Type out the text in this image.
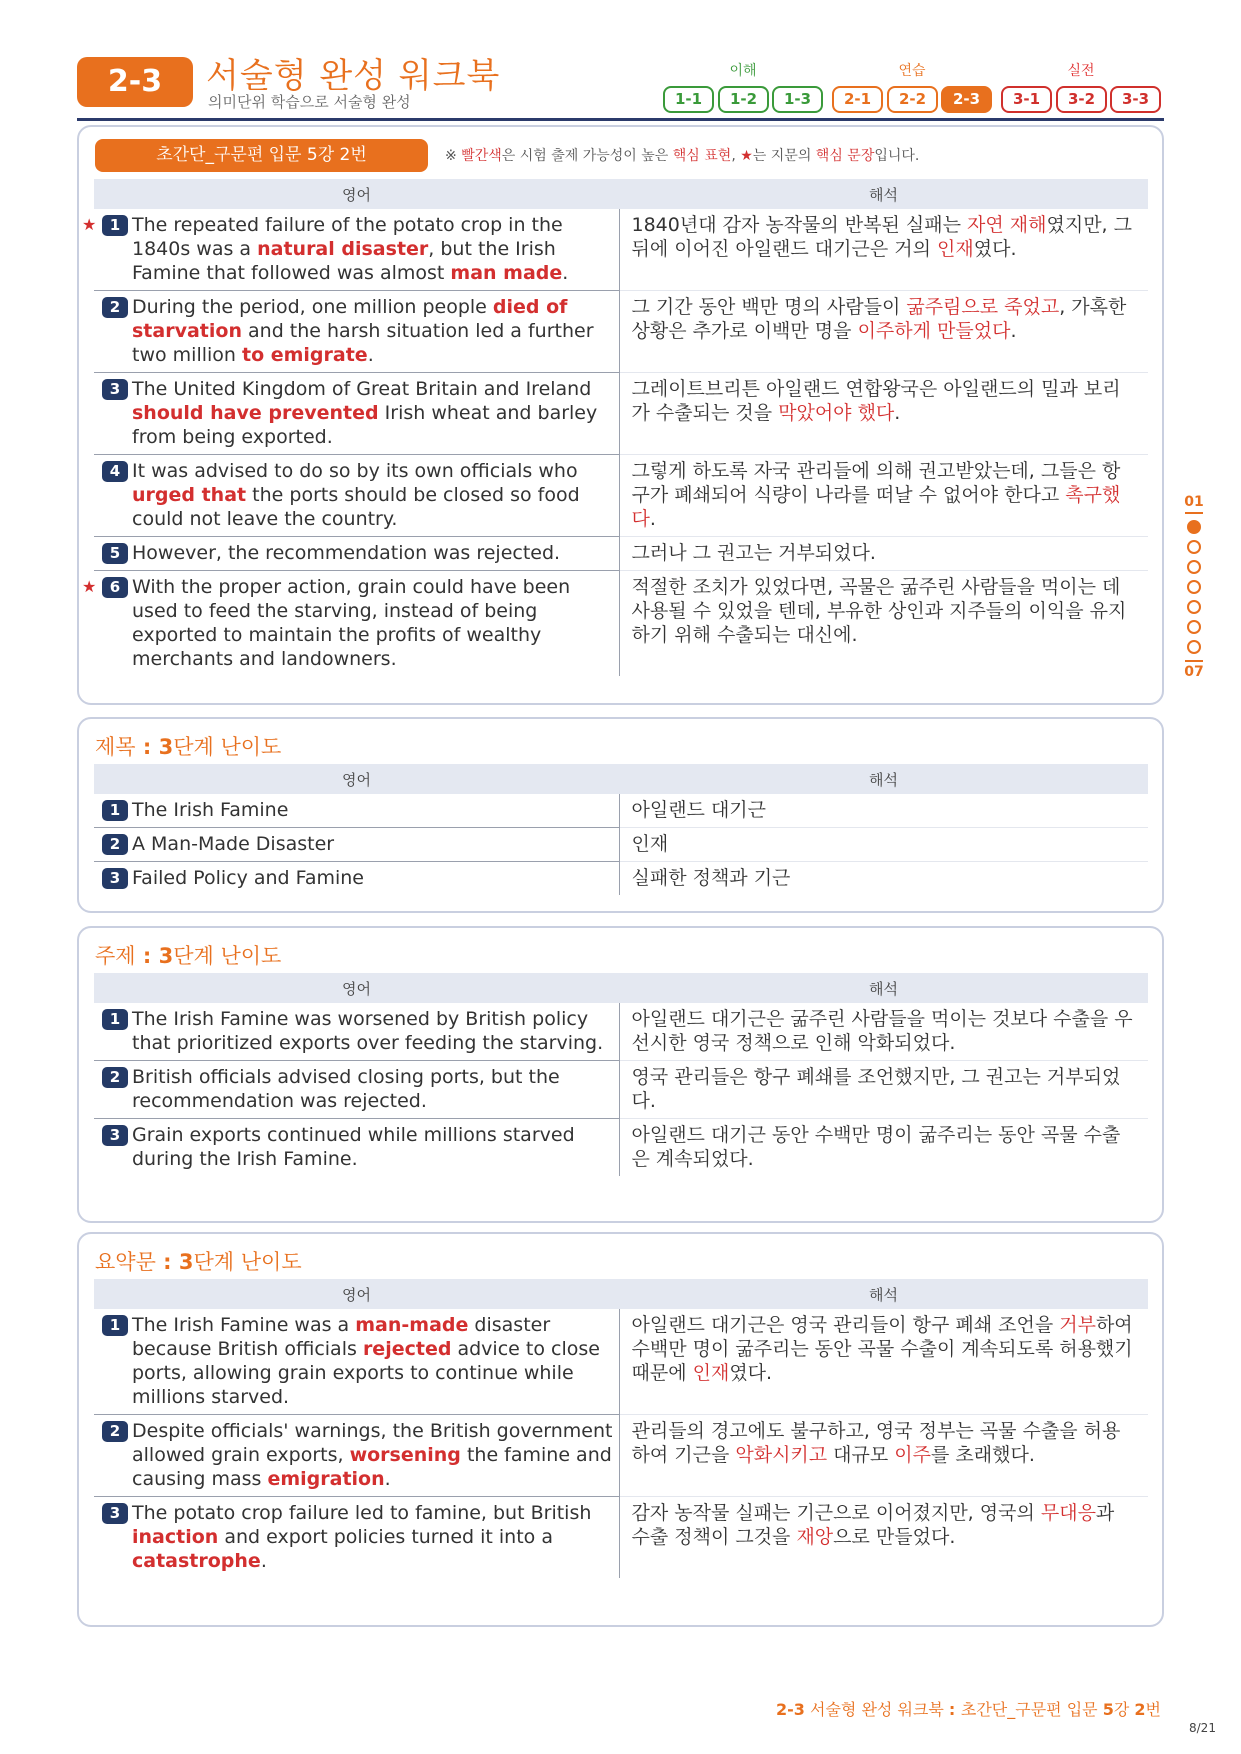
2-3	서술형 완성 워크북
의미단위 학습으로 서술형 완성
이해	연습	실전
1-1	1-2	1-3	2-1	2-2	2-3	3-1	3-2	3-3
초간단_구문편 입문 5강 2번	※ 빨간색은 시험 출제 가능성이 높은 핵심 표현, ★는 지문의 핵심 문장입니다.
영어	해석

★ 1 The repeated failure of the potato crop in the 1840s was a natural disaster, but the Irish Famine that followed was almost man made.	1840년대 감자 농작물의 반복된 실패는 자연 재해였지만, 그 뒤에 이어진 아일랜드 대기근은 거의 인재였다.

2 During the period, one million people died of starvation and the harsh situation led a further two million to emigrate.	그 기간 동안 백만 명의 사람들이 굶주림으로 죽었고, 가혹한 상황은 추가로 이백만 명을 이주하게 만들었다.

3 The United Kingdom of Great Britain and Ireland should have prevented Irish wheat and barley from being exported.	그레이트브리튼 아일랜드 연합왕국은 아일랜드의 밀과 보리가 수출되는 것을 막았어야 했다.

4 It was advised to do so by its own officials who urged that the ports should be closed so food could not leave the country.	그렇게 하도록 자국 관리들에 의해 권고받았는데, 그들은 항구가 폐쇄되어 식량이 나라를 떠날 수 없어야 한다고 촉구했다.

5 However, the recommendation was rejected.	그러나 그 권고는 거부되었다.

★ 6 With the proper action, grain could have been used to feed the starving, instead of being exported to maintain the profits of wealthy merchants and landowners.	적절한 조치가 있었다면, 곡물은 굶주린 사람들을 먹이는 데 사용될 수 있었을 텐데, 부유한 상인과 지주들의 이익을 유지하기 위해 수출되는 대신에.
제목 : 3단계 난이도
영어	해석

1 The Irish Famine	아일랜드 대기근

2 A Man-Made Disaster	인재

3 Failed Policy and Famine	실패한 정책과 기근
주제 : 3단계 난이도
영어	해석

1 The Irish Famine was worsened by British policy that prioritized exports over feeding the starving.	아일랜드 대기근은 굶주린 사람들을 먹이는 것보다 수출을 우선시한 영국 정책으로 인해 악화되었다.

2 British officials advised closing ports, but the recommendation was rejected.	영국 관리들은 항구 폐쇄를 조언했지만, 그 권고는 거부되었다.

3 Grain exports continued while millions starved during the Irish Famine.	아일랜드 대기근 동안 수백만 명이 굶주리는 동안 곡물 수출은 계속되었다.
요약문 : 3단계 난이도
영어	해석

1 The Irish Famine was a man-made disaster because British officials rejected advice to close ports, allowing grain exports to continue while millions starved.	아일랜드 대기근은 영국 관리들이 항구 폐쇄 조언을 거부하여 수백만 명이 굶주리는 동안 곡물 수출이 계속되도록 허용했기 때문에 인재였다.

2 Despite officials' warnings, the British government allowed grain exports, worsening the famine and causing mass emigration.	관리들의 경고에도 불구하고, 영국 정부는 곡물 수출을 허용하여 기근을 악화시키고 대규모 이주를 초래했다.

3 The potato crop failure led to famine, but British inaction and export policies turned it into a catastrophe.	감자 농작물 실패는 기근으로 이어졌지만, 영국의 무대응과 수출 정책이 그것을 재앙으로 만들었다.
01
07
2-3 서술형 완성 워크북 : 초간단_구문편 입문 5강 2번
8/21
